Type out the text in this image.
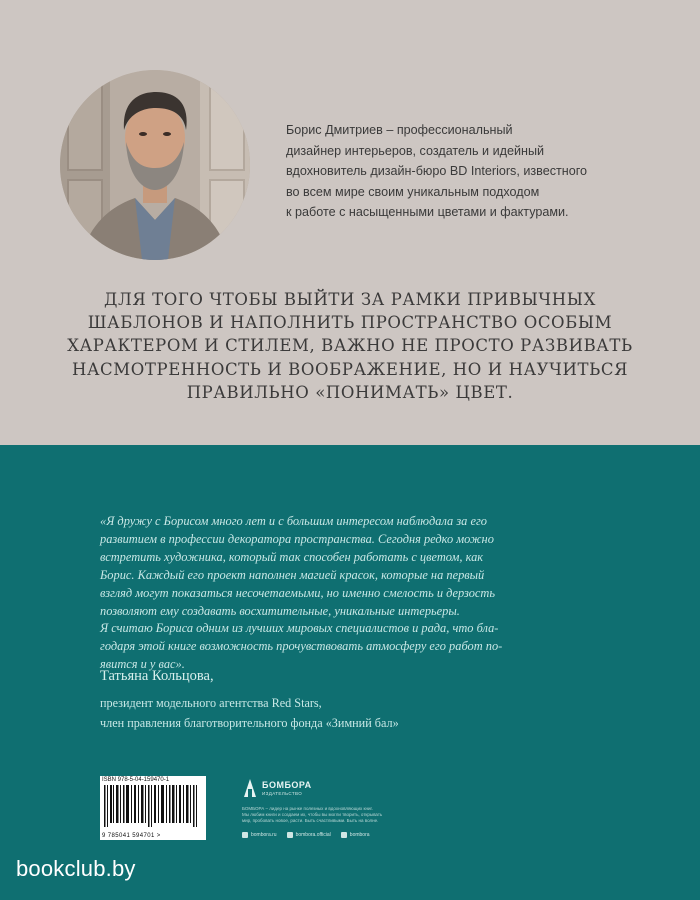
Борис Дмитриев – профессиональный
дизайнер интерьеров, создатель и идейный
вдохновитель дизайн-бюро BD Interiors, известного
во всем мире своим уникальным подходом
к работе с насыщенными цветами и фактурами.
ДЛЯ ТОГО ЧТОБЫ ВЫЙТИ ЗА РАМКИ ПРИВЫЧНЫХ
ШАБЛОНОВ И НАПОЛНИТЬ ПРОСТРАНСТВО ОСОБЫМ
ХАРАКТЕРОМ И СТИЛЕМ, ВАЖНО НЕ ПРОСТО РАЗВИВАТЬ
НАСМОТРЕННОСТЬ И ВООБРАЖЕНИЕ, НО И НАУЧИТЬСЯ
ПРАВИЛЬНО «ПОНИМАТЬ» ЦВЕТ.
«Я дружу с Борисом много лет и с большим интересом наблюдала за его
развитием в профессии декоратора пространства. Сегодня редко можно
встретить художника, который так способен работать с цветом, как
Борис. Каждый его проект наполнен магией красок, которые на первый
взгляд могут показаться несочетаемыми, но именно смелость и дерзость
позволяют ему создавать восхитительные, уникальные интерьеры.
Я считаю Бориса одним из лучших мировых специалистов и рада, что бла-
годаря этой книге возможность прочувствовать атмосферу его работ по-
явится и у вас».
Татьяна Кольцова,
президент модельного агентства Red Stars,
член правления благотворительного фонда «Зимний бал»
ISBN 978-5-04-159470-1
9 785041 594701 >
БОМБОРА
ИЗДАТЕЛЬСТВО
БОМБОРА – лидер на рынке полезных и вдохновляющих книг.
Мы любим книги и создаем их, чтобы вы могли творить, открывать
мир, пробовать новое, расти. Быть счастливыми. Быть на волне.
bombora.ru	bombora.official	bombora
bookclub.by
